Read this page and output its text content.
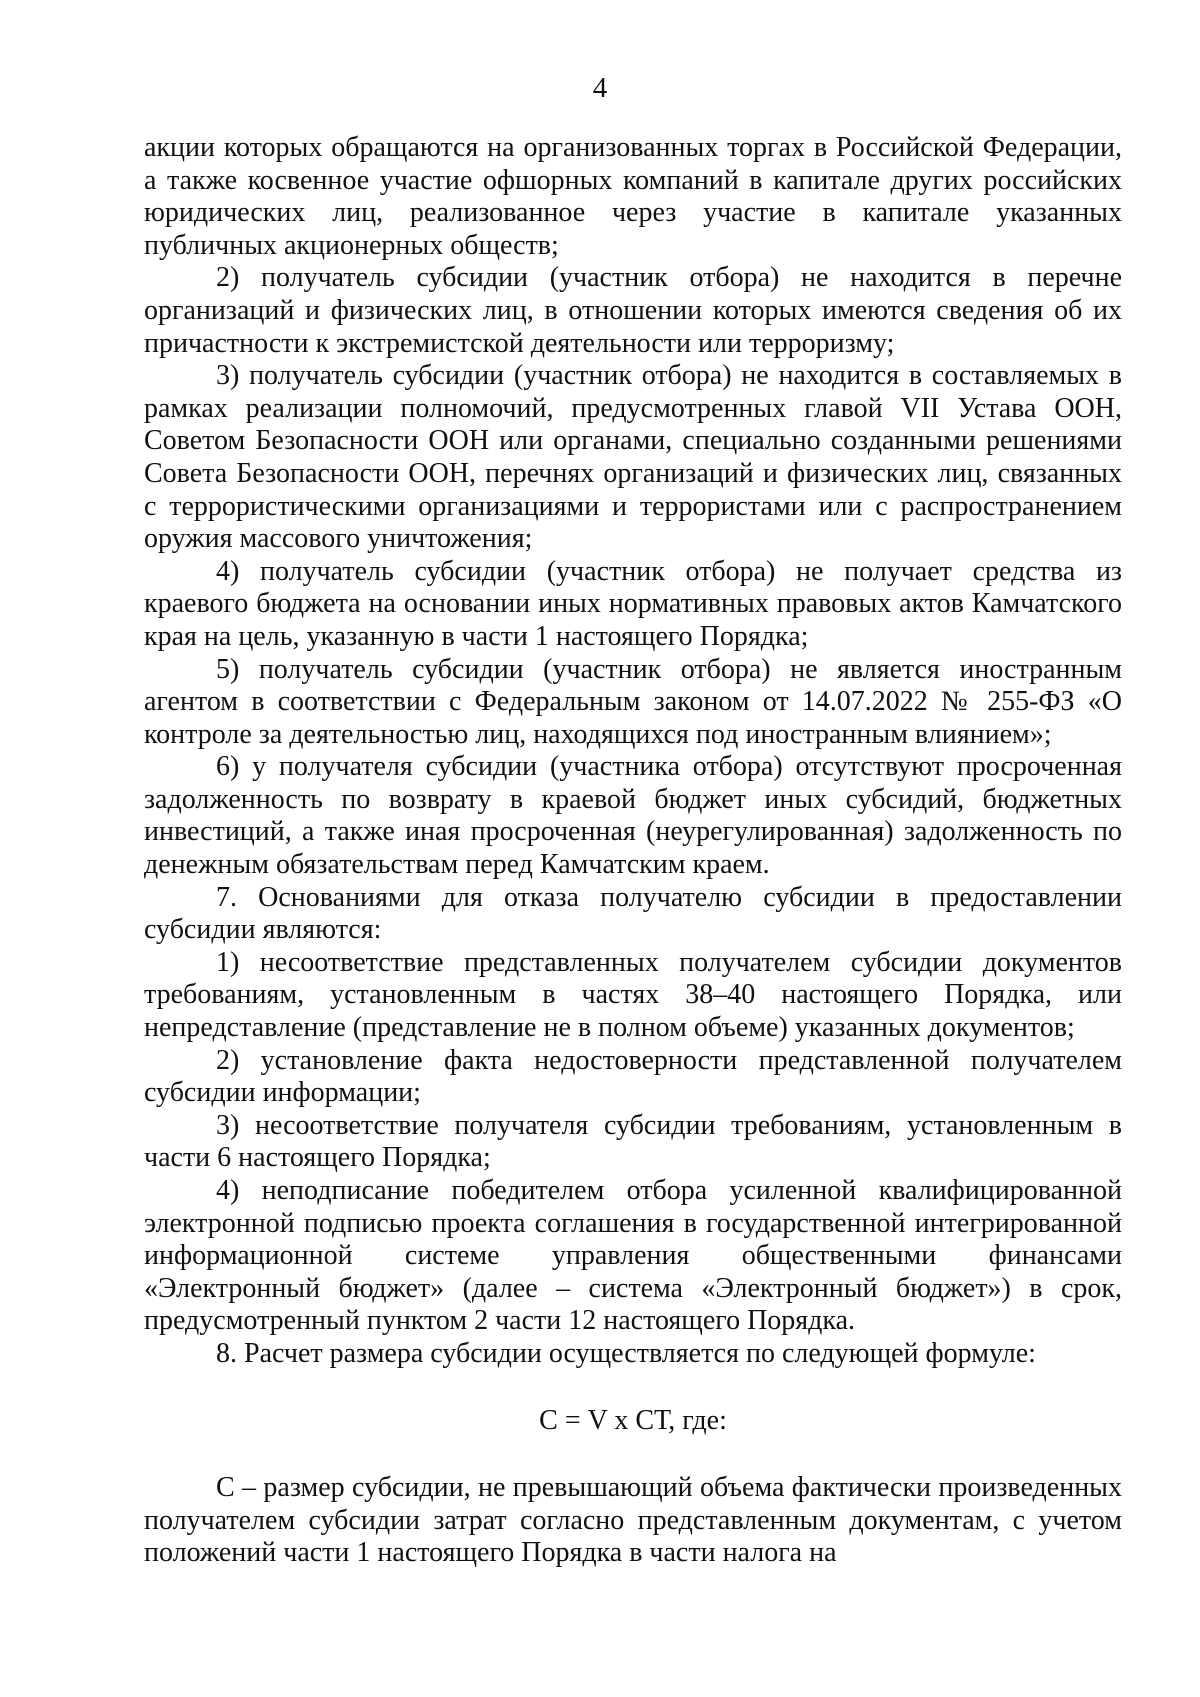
4

акции которых обращаются на организованных торгах в Российской Федерации, а также косвенное участие офшорных компаний в капитале других российских юридических лиц, реализованное через участие в капитале указанных публичных акционерных обществ;

2) получатель субсидии (участник отбора) не находится в перечне организаций и физических лиц, в отношении которых имеются сведения об их причастности к экстремистской деятельности или терроризму;

3) получатель субсидии (участник отбора) не находится в составляемых в рамках реализации полномочий, предусмотренных главой VII Устава ООН, Советом Безопасности ООН или органами, специально созданными решениями Совета Безопасности ООН, перечнях организаций и физических лиц, связанных с террористическими организациями и террористами или с распространением оружия массового уничтожения;

4) получатель субсидии (участник отбора) не получает средства из краевого бюджета на основании иных нормативных правовых актов Камчатского края на цель, указанную в части 1 настоящего Порядка;

5) получатель субсидии (участник отбора) не является иностранным агентом в соответствии с Федеральным законом от 14.07.2022 № 255-ФЗ «О контроле за деятельностью лиц, находящихся под иностранным влиянием»;

6) у получателя субсидии (участника отбора) отсутствуют просроченная задолженность по возврату в краевой бюджет иных субсидий, бюджетных инвестиций, а также иная просроченная (неурегулированная) задолженность по денежным обязательствам перед Камчатским краем.

7. Основаниями для отказа получателю субсидии в предоставлении субсидии являются:

1) несоответствие представленных получателем субсидии документов требованиям, установленным в частях 38–40 настоящего Порядка, или непредставление (представление не в полном объеме) указанных документов;

2) установление факта недостоверности представленной получателем субсидии информации;

3) несоответствие получателя субсидии требованиям, установленным в части 6 настоящего Порядка;

4) неподписание победителем отбора усиленной квалифицированной электронной подписью проекта соглашения в государственной интегрированной информационной системе управления общественными финансами «Электронный бюджет» (далее – система «Электронный бюджет») в срок, предусмотренный пунктом 2 части 12 настоящего Порядка.

8. Расчет размера субсидии осуществляется по следующей формуле:

С = V х СТ, где:

С – размер субсидии, не превышающий объема фактически произведенных получателем субсидии затрат согласно представленным документам, с учетом положений части 1 настоящего Порядка в части налога на
